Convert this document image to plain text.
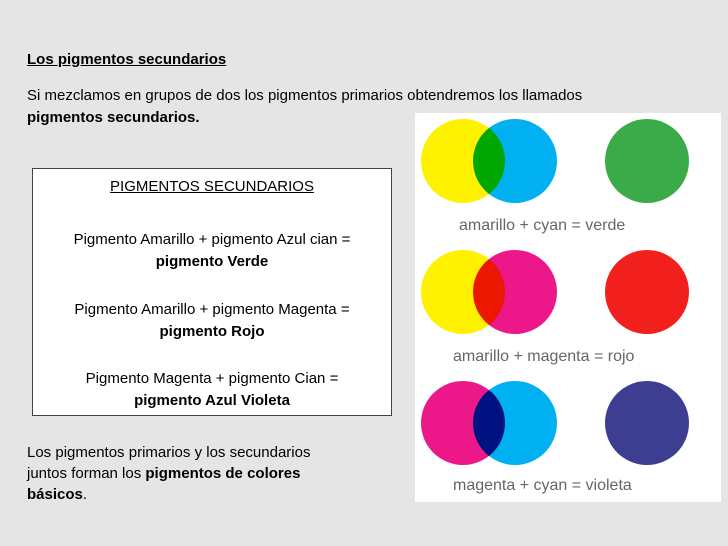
Los pigmentos secundarios
Si mezclamos en grupos de dos los pigmentos primarios obtendremos los llamados pigmentos secundarios.
PIGMENTOS SECUNDARIOS
Pigmento Amarillo + pigmento Azul cian =
pigmento Verde
Pigmento Amarillo + pigmento Magenta =
pigmento Rojo
Pigmento Magenta + pigmento Cian =
pigmento Azul Violeta
Los pigmentos primarios y los secundarios juntos forman los pigmentos de colores básicos.
amarillo + cyan = verde
amarillo + magenta = rojo
magenta + cyan = violeta
